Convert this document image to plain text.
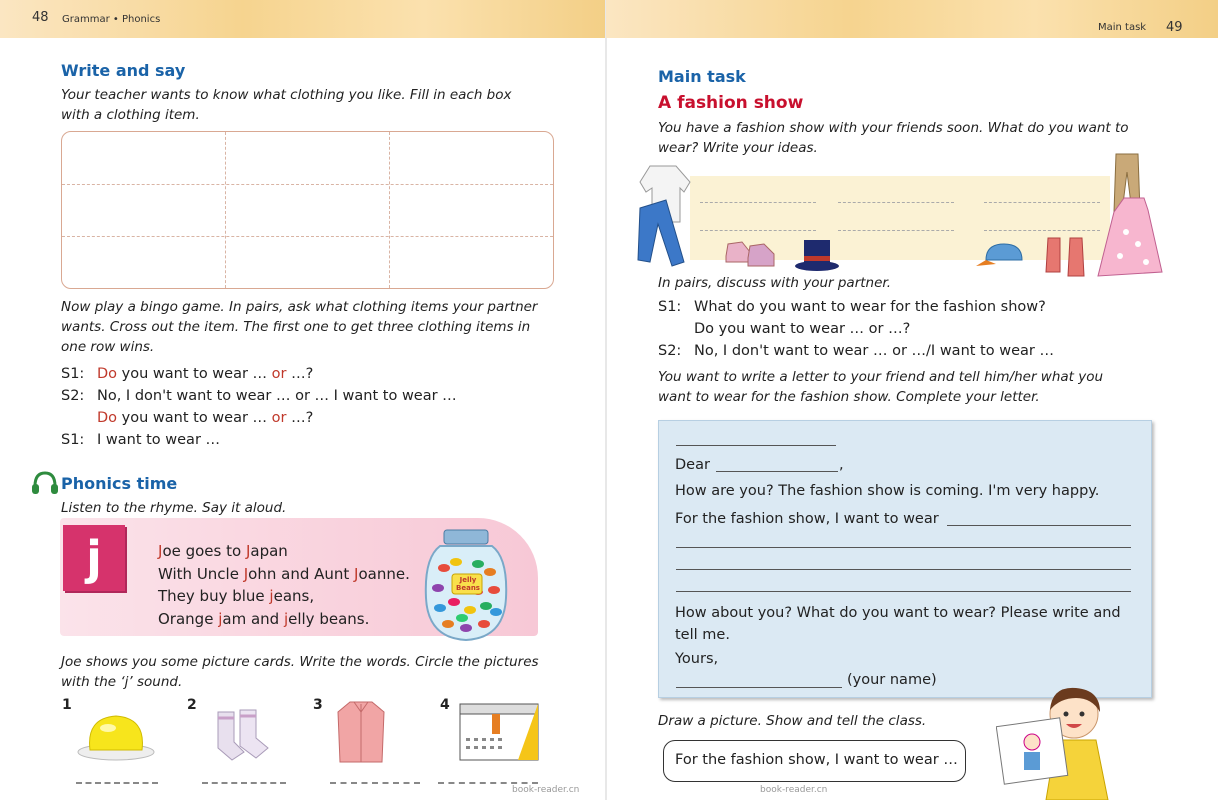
48 Grammar • Phonics
Write and say
Your teacher wants to know what clothing you like. Fill in each box with a clothing item.
Now play a bingo game. In pairs, ask what clothing items your partner wants. Cross out the item. The first one to get three clothing items in one row wins.
S1: Do you want to wear … or …?
S2: No, I don't want to wear … or … I want to wear …
Do you want to wear … or …?
S1: I want to wear …
Phonics time
Listen to the rhyme. Say it aloud.
j	Joe goes to Japan
With Uncle John and Aunt Joanne.
They buy blue jeans,
Orange jam and jelly beans.
Jelly Beans
Joe shows you some picture cards. Write the words. Circle the pictures with the ‘j’ sound.
1	2	3	4
book-reader.cn
Main task 49
Main task
A fashion show
You have a fashion show with your friends soon. What do you want to wear? Write your ideas.
In pairs, discuss with your partner.
S1: What do you want to wear for the fashion show?
Do you want to wear … or …?
S2: No, I don't want to wear … or …/I want to wear …
You want to write a letter to your friend and tell him/her what you want to wear for the fashion show. Complete your letter.
Dear	,
How are you? The fashion show is coming. I'm very happy.
For the fashion show, I want to wear
How about you? What do you want to wear? Please write and tell me.
Yours,
(your name)
Draw a picture. Show and tell the class.
For the fashion show, I want to wear …
book-reader.cn
